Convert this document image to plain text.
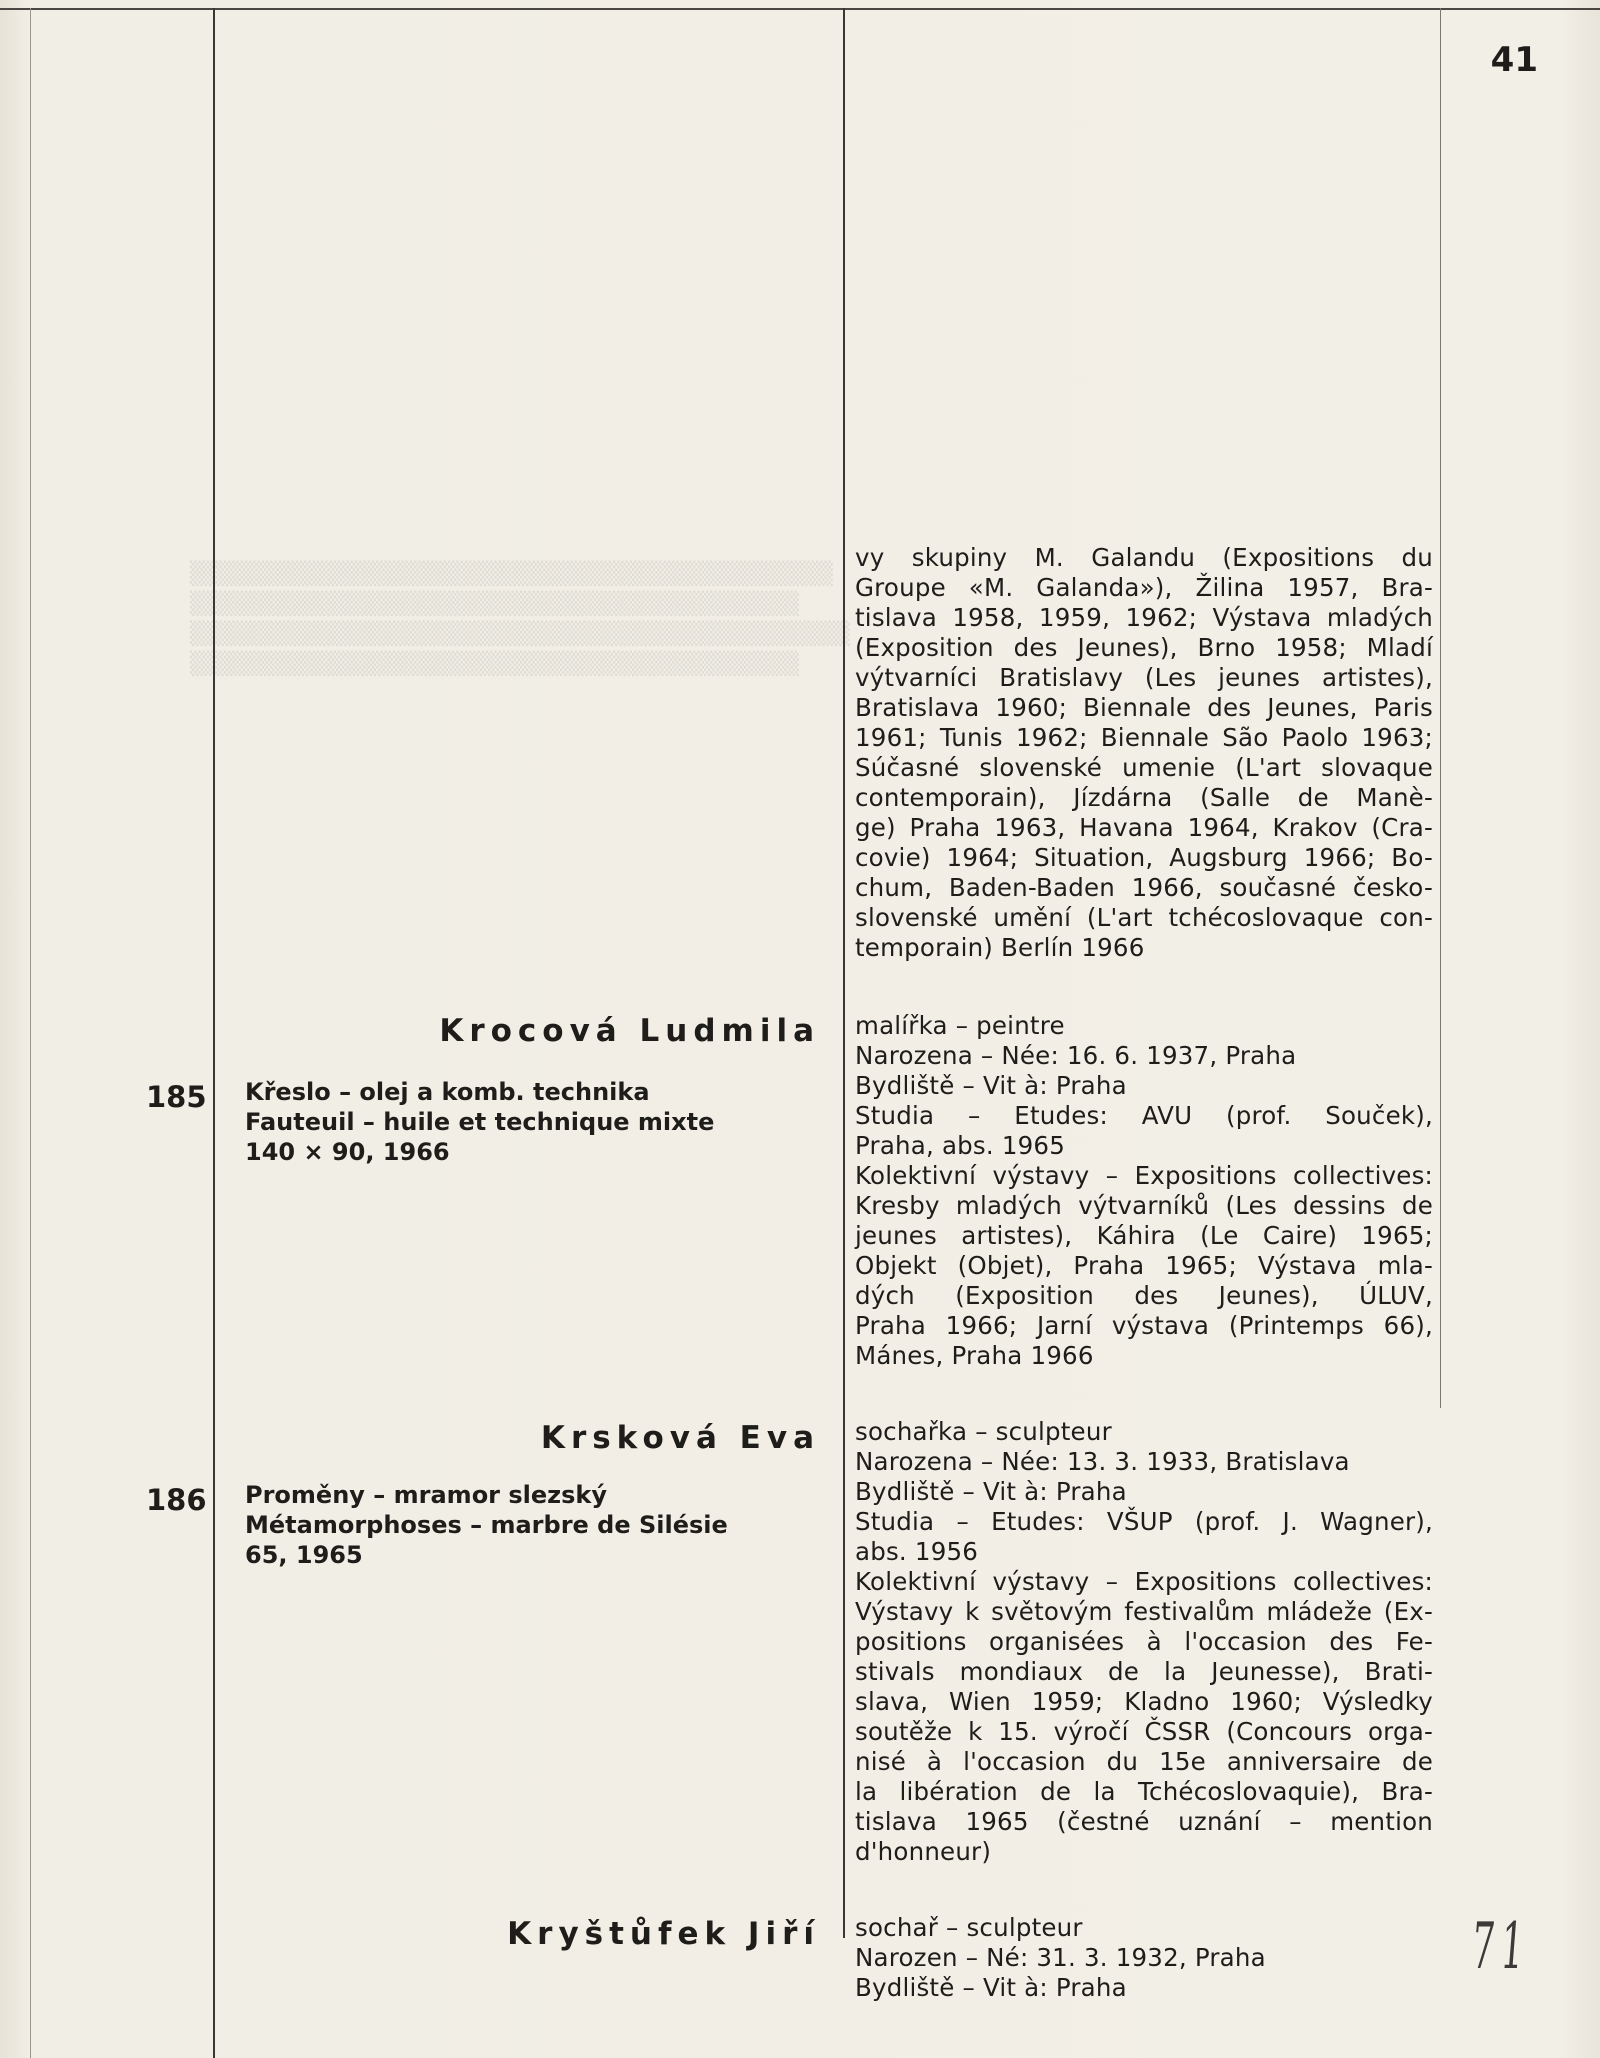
41
▒▒▒▒▒▒▒▒▒▒▒▒▒▒▒▒▒▒▒▒▒▒▒▒▒▒▒▒▒▒▒▒▒▒▒▒▒▒
▒▒▒▒▒▒▒▒▒▒▒▒▒▒▒▒▒▒▒▒▒▒▒▒▒▒▒▒▒▒▒▒▒▒▒▒
▒▒▒▒▒▒▒▒▒▒▒▒▒▒▒▒▒▒▒▒▒▒▒▒▒▒▒▒▒▒▒▒▒▒▒▒▒▒▒
▒▒▒▒▒▒▒▒▒▒▒▒▒▒▒▒▒▒▒▒▒▒▒▒▒▒▒▒▒▒▒▒▒▒▒▒
vy skupiny M. Galandu (Expositions du
Groupe «M. Galanda»), Žilina 1957, Bra-
tislava 1958, 1959, 1962; Výstava mladých
(Exposition des Jeunes), Brno 1958; Mladí
výtvarníci Bratislavy (Les jeunes artistes),
Bratislava 1960; Biennale des Jeunes, Paris
1961; Tunis 1962; Biennale São Paolo 1963;
Súčasné slovenské umenie (L'art slovaque
contemporain), Jízdárna (Salle de Manè-
ge) Praha 1963, Havana 1964, Krakov (Cra-
covie) 1964; Situation, Augsburg 1966; Bo-
chum, Baden-Baden 1966, současné česko-
slovenské umění (L'art tchécoslovaque con-
temporain) Berlín 1966
Krocová Ludmila
185 Křeslo – olej a komb. technika
Fauteuil – huile et technique mixte
140 × 90, 1966
malířka – peintre
Narozena – Née: 16. 6. 1937, Praha
Bydliště – Vit à: Praha
Studia – Etudes: AVU (prof. Souček),
Praha, abs. 1965
Kolektivní výstavy – Expositions collectives:
Kresby mladých výtvarníků (Les dessins de
jeunes artistes), Káhira (Le Caire) 1965;
Objekt (Objet), Praha 1965; Výstava mla-
dých (Exposition des Jeunes), ÚLUV,
Praha 1966; Jarní výstava (Printemps 66),
Mánes, Praha 1966
Krsková Eva
186 Proměny – mramor slezský
Métamorphoses – marbre de Silésie
65, 1965
sochařka – sculpteur
Narozena – Née: 13. 3. 1933, Bratislava
Bydliště – Vit à: Praha
Studia – Etudes: VŠUP (prof. J. Wagner),
abs. 1956
Kolektivní výstavy – Expositions collectives:
Výstavy k světovým festivalům mládeže (Ex-
positions organisées à l'occasion des Fe-
stivals mondiaux de la Jeunesse), Brati-
slava, Wien 1959; Kladno 1960; Výsledky
soutěže k 15. výročí ČSSR (Concours orga-
nisé à l'occasion du 15e anniversaire de
la libération de la Tchécoslovaquie), Bra-
tislava 1965 (čestné uznání – mention
d'honneur)
Kryštůfek Jiří sochař – sculpteur
Narozen – Né: 31. 3. 1932, Praha
Bydliště – Vit à: Praha
71
